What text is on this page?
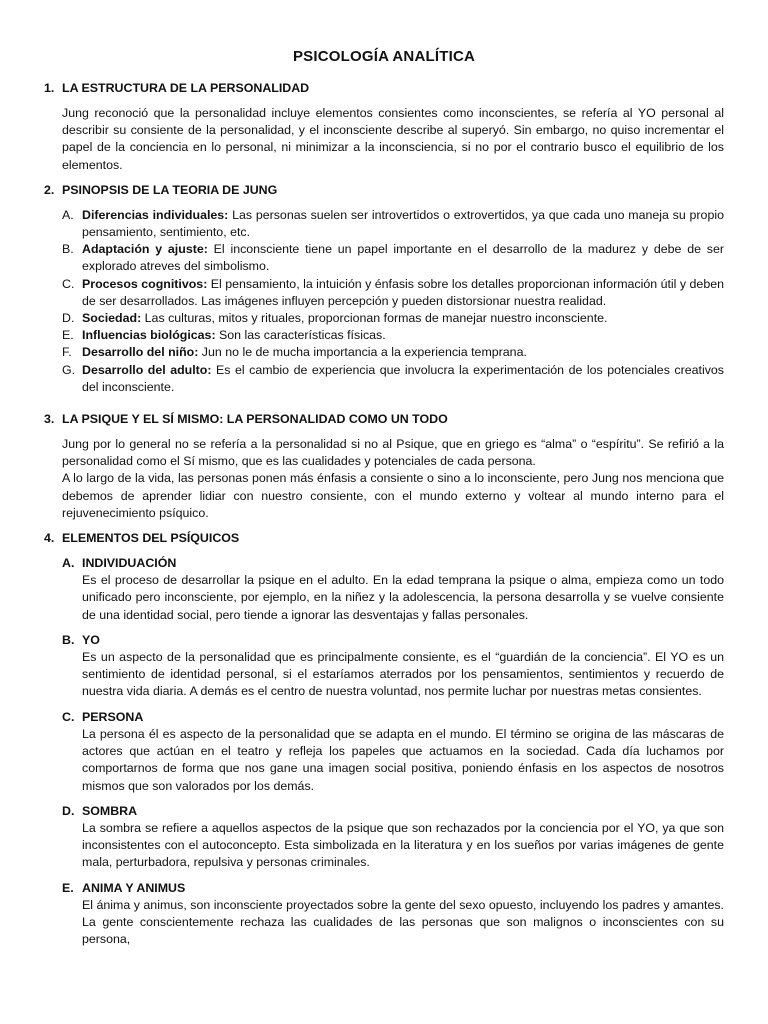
PSICOLOGÍA ANALÍTICA
1. LA ESTRUCTURA DE LA PERSONALIDAD

Jung reconoció que la personalidad incluye elementos consientes como inconscientes, se refería al YO personal al describir su consiente de la personalidad, y el inconsciente describe al superyó. Sin embargo, no quiso incrementar el papel de la conciencia en lo personal, ni minimizar a la inconsciencia, si no por el contrario busco el equilibrio de los elementos.

2. PSINOPSIS DE LA TEORIA DE JUNG
A. Diferencias individuales: Las personas suelen ser introvertidos o extrovertidos, ya que cada uno maneja su propio pensamiento, sentimiento, etc.
B. Adaptación y ajuste: El inconsciente tiene un papel importante en el desarrollo de la madurez y debe de ser explorado atreves del simbolismo.
C. Procesos cognitivos: El pensamiento, la intuición y énfasis sobre los detalles proporcionan información útil y deben de ser desarrollados. Las imágenes influyen percepción y pueden distorsionar nuestra realidad.
D. Sociedad: Las culturas, mitos y rituales, proporcionan formas de manejar nuestro inconsciente.
E. Influencias biológicas: Son las características físicas.
F. Desarrollo del niño: Jun no le de mucha importancia a la experiencia temprana.
G. Desarrollo del adulto: Es el cambio de experiencia que involucra la experimentación de los potenciales creativos del inconsciente.
3. LA PSIQUE Y EL SÍ MISMO: LA PERSONALIDAD COMO UN TODO

Jung por lo general no se refería a la personalidad si no al Psique, que en griego es “alma” o “espíritu”. Se refirió a la personalidad como el Sí mismo, que es las cualidades y potenciales de cada persona.

A lo largo de la vida, las personas ponen más énfasis a consiente o sino a lo inconsciente, pero Jung nos menciona que debemos de aprender lidiar con nuestro consiente, con el mundo externo y voltear al mundo interno para el rejuvenecimiento psíquico.

4. ELEMENTOS DEL PSÍQUICOS
A. INDIVIDUACIÓN
Es el proceso de desarrollar la psique en el adulto. En la edad temprana la psique o alma, empieza como un todo unificado pero inconsciente, por ejemplo, en la niñez y la adolescencia, la persona desarrolla y se vuelve consiente de una identidad social, pero tiende a ignorar las desventajas y fallas personales.
B. YO
Es un aspecto de la personalidad que es principalmente consiente, es el “guardián de la conciencia”. El YO es un sentimiento de identidad personal, si el estaríamos aterrados por los pensamientos, sentimientos y recuerdo de nuestra vida diaria. A demás es el centro de nuestra voluntad, nos permite luchar por nuestras metas consientes.
C. PERSONA
La persona él es aspecto de la personalidad que se adapta en el mundo. El término se origina de las máscaras de actores que actúan en el teatro y refleja los papeles que actuamos en la sociedad. Cada día luchamos por comportarnos de forma que nos gane una imagen social positiva, poniendo énfasis en los aspectos de nosotros mismos que son valorados por los demás.
D. SOMBRA
La sombra se refiere a aquellos aspectos de la psique que son rechazados por la conciencia por el YO, ya que son inconsistentes con el autoconcepto. Esta simbolizada en la literatura y en los sueños por varias imágenes de gente mala, perturbadora, repulsiva y personas criminales.
E. ANIMA Y ANIMUS
El ánima y animus, son inconsciente proyectados sobre la gente del sexo opuesto, incluyendo los padres y amantes. La gente conscientemente rechaza las cualidades de las personas que son malignos o inconscientes con su persona,
